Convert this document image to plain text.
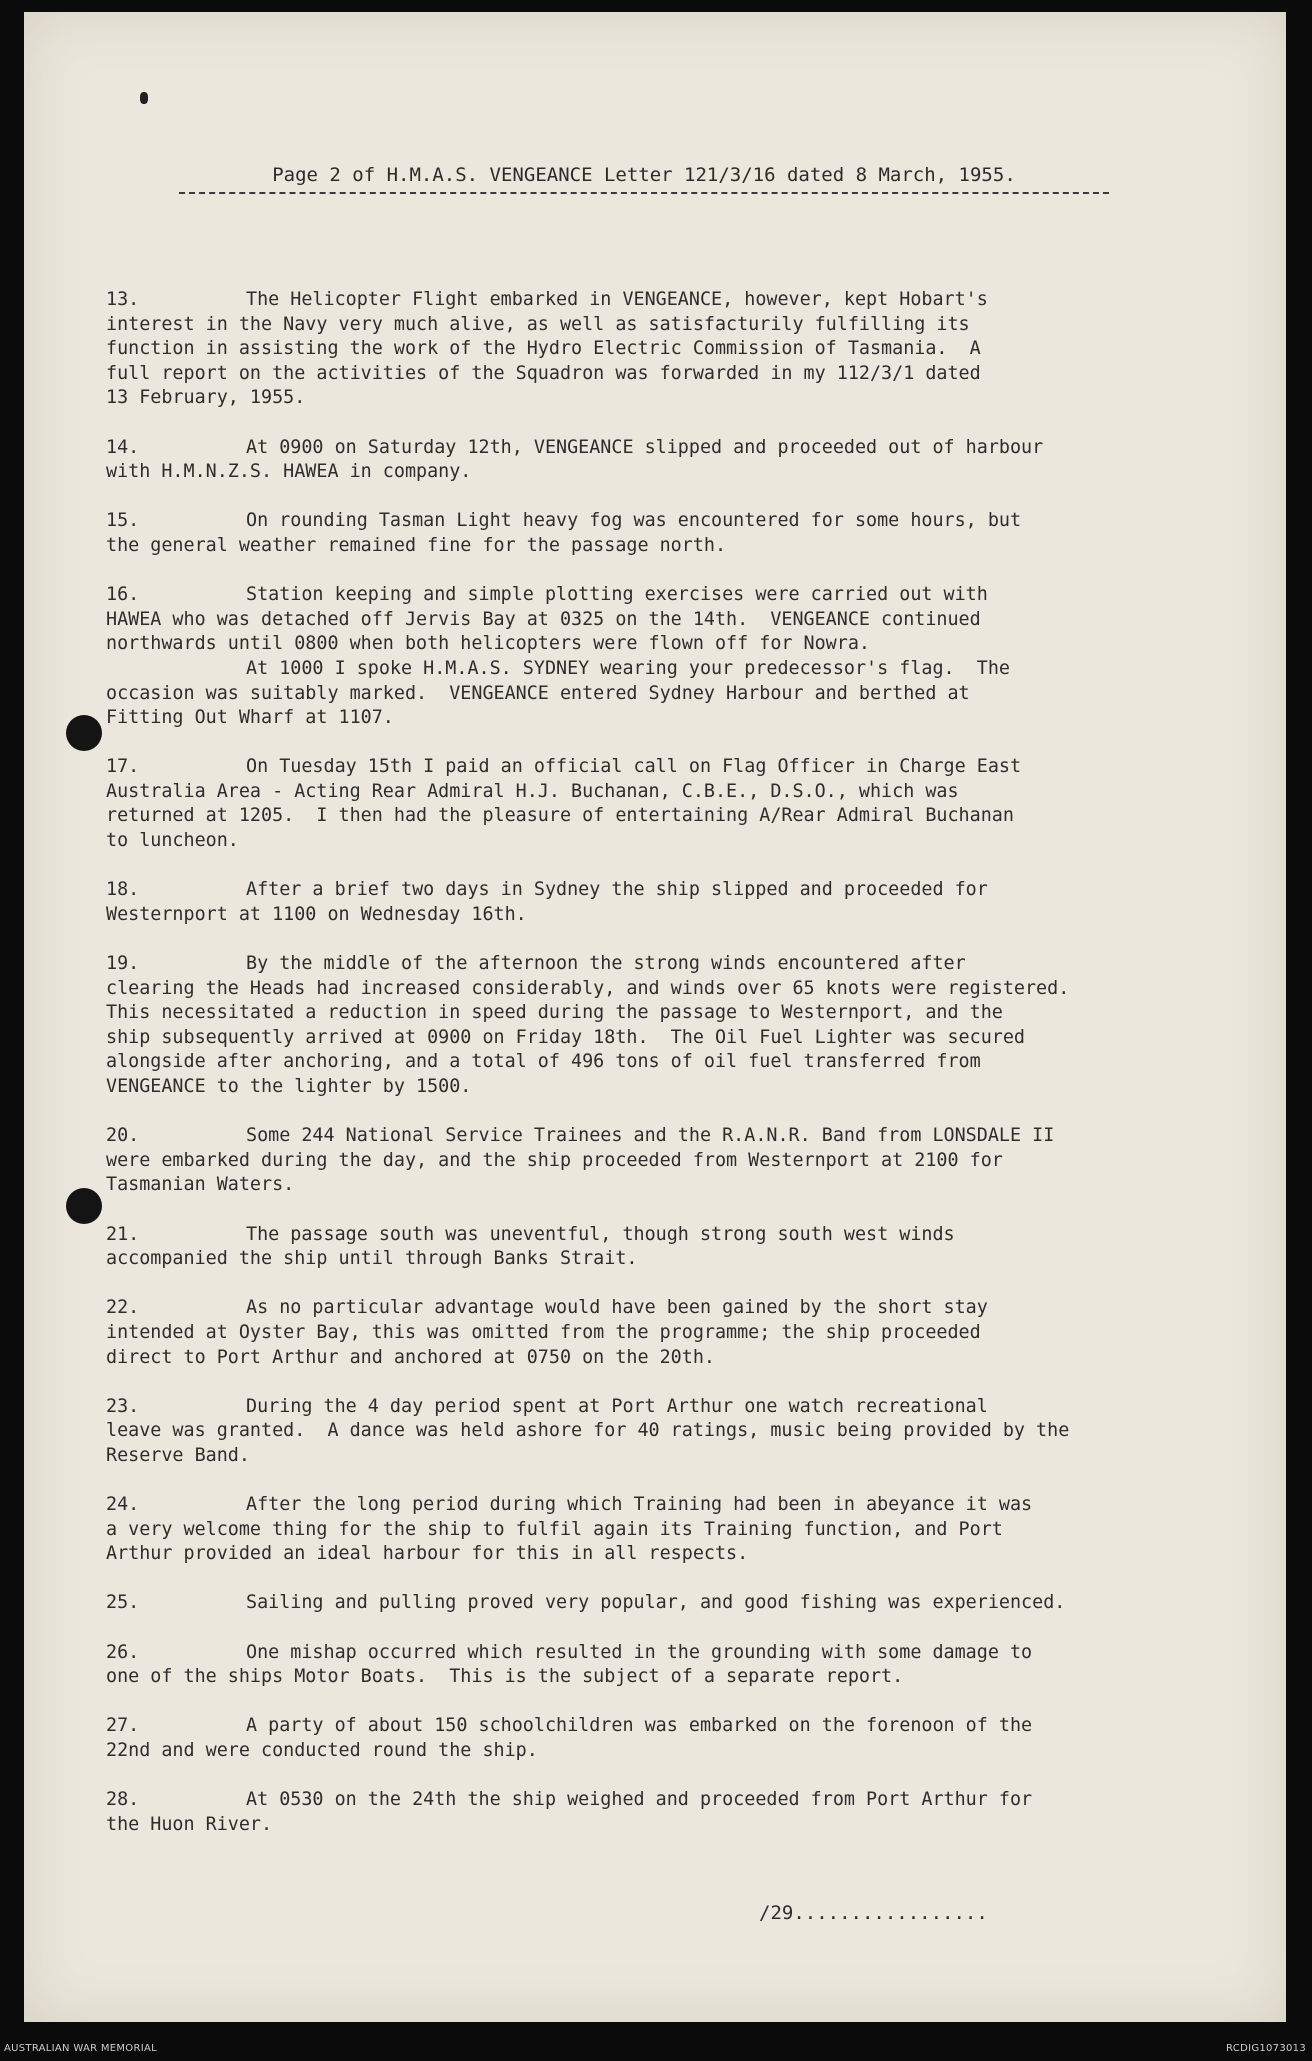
Page 2 of H.M.A.S. VENGEANCE Letter 121/3/16 dated 8 March, 1955.
13.	The Helicopter Flight embarked in VENGEANCE, however, kept Hobart's
interest in the Navy very much alive, as well as satisfacturily fulfilling its
function in assisting the work of the Hydro Electric Commission of Tasmania.  A
full report on the activities of the Squadron was forwarded in my 112/3/1 dated
13 February, 1955.
14.	At 0900 on Saturday 12th, VENGEANCE slipped and proceeded out of harbour
with H.M.N.Z.S. HAWEA in company.
15.	On rounding Tasman Light heavy fog was encountered for some hours, but
the general weather remained fine for the passage north.
16.	Station keeping and simple plotting exercises were carried out with
HAWEA who was detached off Jervis Bay at 0325 on the 14th.  VENGEANCE continued
northwards until 0800 when both helicopters were flown off for Nowra.
At 1000 I spoke H.M.A.S. SYDNEY wearing your predecessor's flag.  The
occasion was suitably marked.  VENGEANCE entered Sydney Harbour and berthed at
Fitting Out Wharf at 1107.
17.	On Tuesday 15th I paid an official call on Flag Officer in Charge East
Australia Area - Acting Rear Admiral H.J. Buchanan, C.B.E., D.S.O., which was
returned at 1205.  I then had the pleasure of entertaining A/Rear Admiral Buchanan
to luncheon.
18.	After a brief two days in Sydney the ship slipped and proceeded for
Westernport at 1100 on Wednesday 16th.
19.	By the middle of the afternoon the strong winds encountered after
clearing the Heads had increased considerably, and winds over 65 knots were registered.
This necessitated a reduction in speed during the passage to Westernport, and the
ship subsequently arrived at 0900 on Friday 18th.  The Oil Fuel Lighter was secured
alongside after anchoring, and a total of 496 tons of oil fuel transferred from
VENGEANCE to the lighter by 1500.
20.	Some 244 National Service Trainees and the R.A.N.R. Band from LONSDALE II
were embarked during the day, and the ship proceeded from Westernport at 2100 for
Tasmanian Waters.
21.	The passage south was uneventful, though strong south west winds
accompanied the ship until through Banks Strait.
22.	As no particular advantage would have been gained by the short stay
intended at Oyster Bay, this was omitted from the programme; the ship proceeded
direct to Port Arthur and anchored at 0750 on the 20th.
23.	During the 4 day period spent at Port Arthur one watch recreational
leave was granted.  A dance was held ashore for 40 ratings, music being provided by the
Reserve Band.
24.	After the long period during which Training had been in abeyance it was
a very welcome thing for the ship to fulfil again its Training function, and Port
Arthur provided an ideal harbour for this in all respects.
25.	Sailing and pulling proved very popular, and good fishing was experienced.
26.	One mishap occurred which resulted in the grounding with some damage to
one of the ships Motor Boats.  This is the subject of a separate report.
27.	A party of about 150 schoolchildren was embarked on the forenoon of the
22nd and were conducted round the ship.
28.	At 0530 on the 24th the ship weighed and proceeded from Port Arthur for
the Huon River.
/29.................
AUSTRALIAN WAR MEMORIAL	RCDIG1073013
